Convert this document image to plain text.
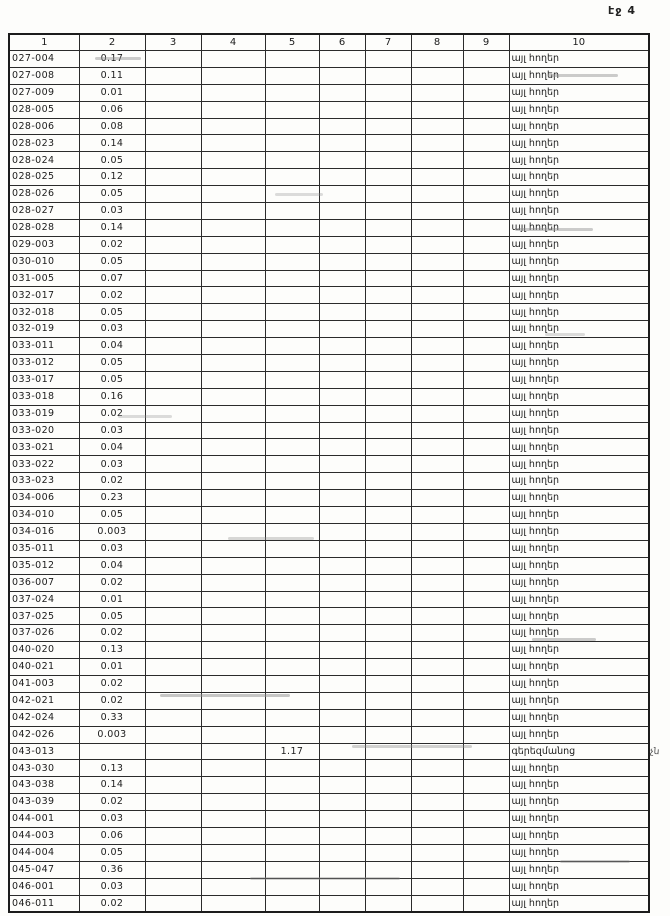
էջ 4
1	2	3	4	5	6	7	8	9	10
027-004	0.17								այլ հողեր
027-008	0.11								այլ հողեր
027-009	0.01								այլ հողեր
028-005	0.06								այլ հողեր
028-006	0.08								այլ հողեր
028-023	0.14								այլ հողեր
028-024	0.05								այլ հողեր
028-025	0.12								այլ հողեր
028-026	0.05								այլ հողեր
028-027	0.03								այլ հողեր
028-028	0.14								այլ հողեր
029-003	0.02								այլ հողեր
030-010	0.05								այլ հողեր
031-005	0.07								այլ հողեր
032-017	0.02								այլ հողեր
032-018	0.05								այլ հողեր
032-019	0.03								այլ հողեր
033-011	0.04								այլ հողեր
033-012	0.05								այլ հողեր
033-017	0.05								այլ հողեր
033-018	0.16								այլ հողեր
033-019	0.02								այլ հողեր
033-020	0.03								այլ հողեր
033-021	0.04								այլ հողեր
033-022	0.03								այլ հողեր
033-023	0.02								այլ հողեր
034-006	0.23								այլ հողեր
034-010	0.05								այլ հողեր
034-016	0.003								այլ հողեր
035-011	0.03								այլ հողեր
035-012	0.04								այլ հողեր
036-007	0.02								այլ հողեր
037-024	0.01								այլ հողեր
037-025	0.05								այլ հողեր
037-026	0.02								այլ հողեր
040-020	0.13								այլ հողեր
040-021	0.01								այլ հողեր
041-003	0.02								այլ հողեր
042-021	0.02								այլ հողեր
042-024	0.33								այլ հողեր
042-026	0.003								այլ հողեր
043-013				1.17					գերեզմանոց
043-030	0.13								այլ հողեր
043-038	0.14								այլ հողեր
043-039	0.02								այլ հողեր
044-001	0.03								այլ հողեր
044-003	0.06								այլ հողեր
044-004	0.05								այլ հողեր
045-047	0.36								այլ հողեր
046-001	0.03								այլ հողեր
046-011	0.02								այլ հողեր
չն
